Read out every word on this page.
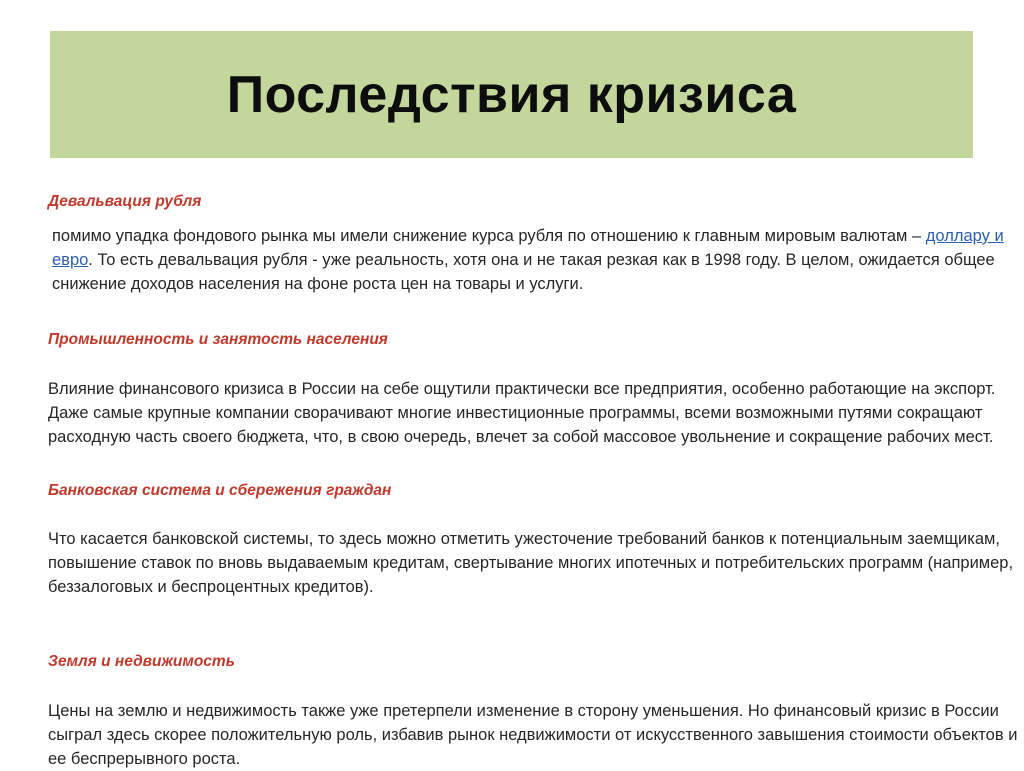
Последствия кризиса

Девальвация рубля

помимо упадка фондового рынка мы имели снижение курса рубля по отношению к главным мировым валютам – доллару и евро. То есть девальвация рубля - уже реальность, хотя она и не такая резкая как в 1998 году. В целом, ожидается общее снижение доходов населения на фоне роста цен на товары и услуги.

Промышленность и занятость населения

Влияние финансового кризиса в России на себе ощутили практически все предприятия, особенно работающие на экспорт. Даже самые крупные компании сворачивают многие инвестиционные программы, всеми возможными путями сокращают расходную часть своего бюджета, что, в свою очередь, влечет за собой массовое увольнение и сокращение рабочих мест.

Банковская система и сбережения граждан

Что касается банковской системы, то здесь можно отметить ужесточение требований банков к потенциальным заемщикам, повышение ставок по вновь выдаваемым кредитам, свертывание многих ипотечных и потребительских программ (например, беззалоговых и беспроцентных кредитов).

Земля и недвижимость

Цены на землю и недвижимость также уже претерпели изменение в сторону уменьшения. Но финансовый кризис в России сыграл здесь скорее положительную роль, избавив рынок недвижимости от искусственного завышения стоимости объектов и ее беспрерывного роста.
